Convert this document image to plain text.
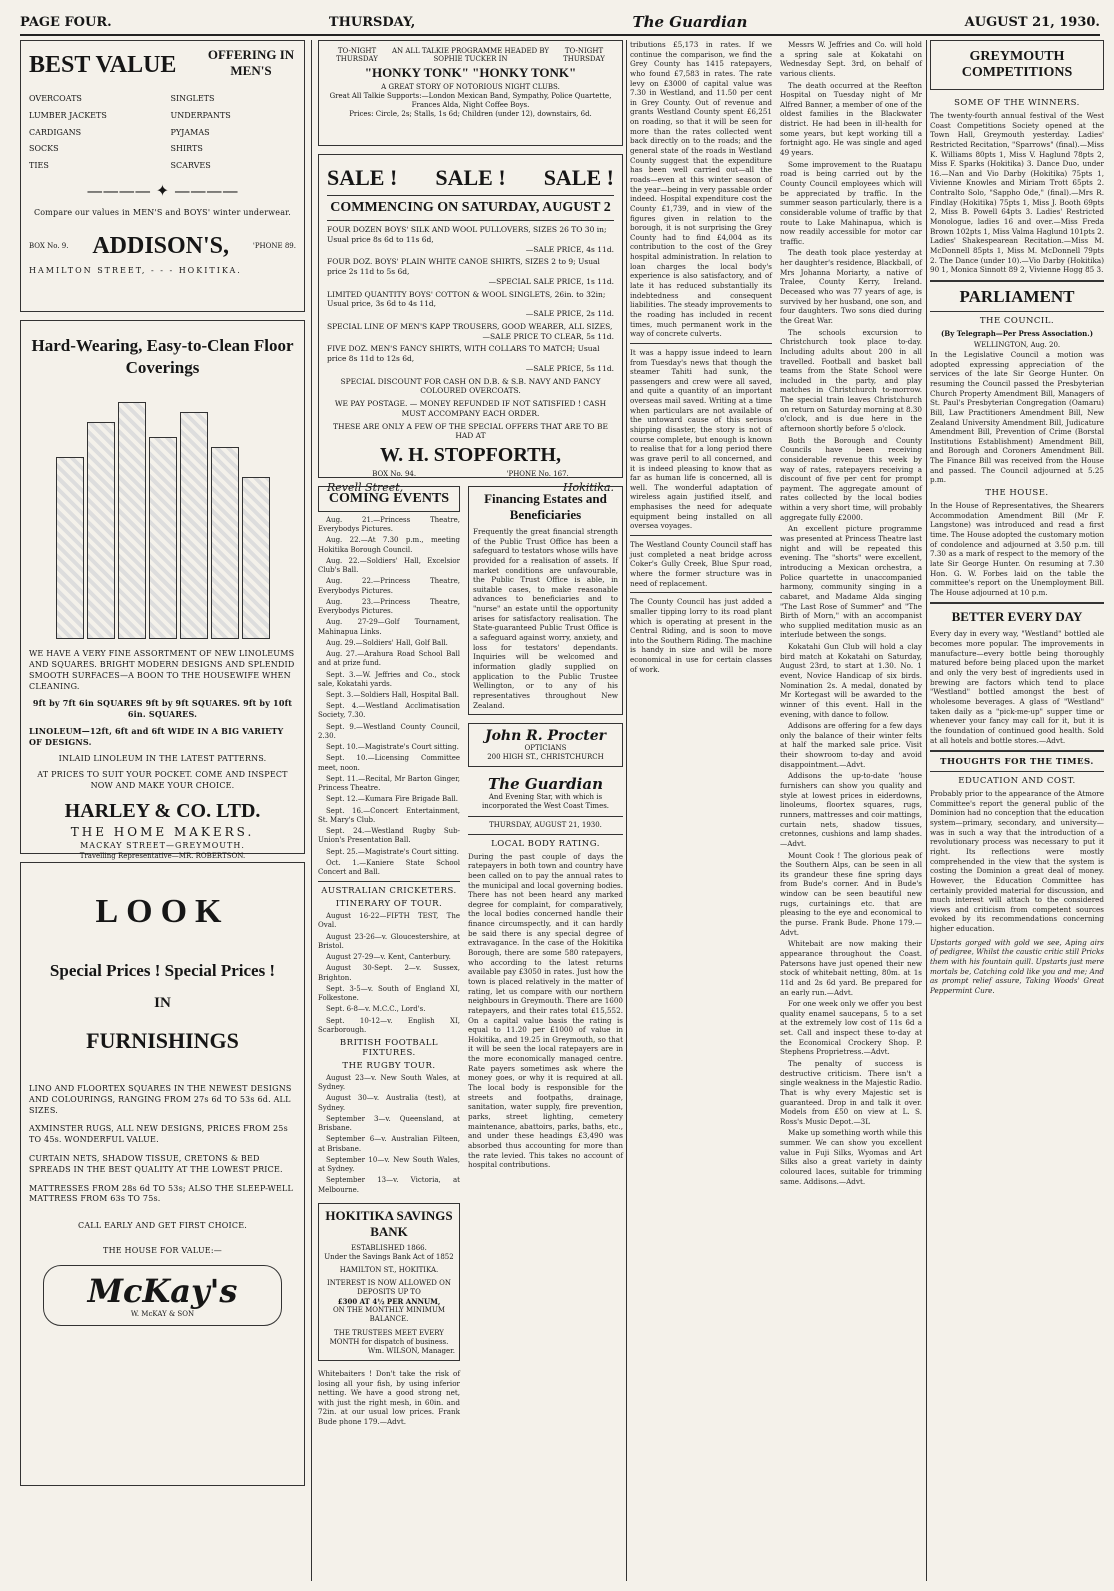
PAGE FOUR.	THURSDAY,	The Guardian	AUGUST 21, 1930.
BEST VALUE OFFERING IN MEN'S
OVERCOATS
LUMBER JACKETS
CARDIGANS
SOCKS
TIES
SINGLETS
UNDERPANTS
PYJAMAS
SHIRTS
SCARVES
———— ✦ ————
Compare our values in MEN'S and BOYS' winter underwear.
BOX No. 9. ADDISON'S,	'PHONE 89.
HAMILTON STREET, - - - HOKITIKA.
Hard-Wearing, Easy-to-Clean Floor Coverings
WE HAVE A VERY FINE ASSORTMENT OF NEW LINOLEUMS AND SQUARES. BRIGHT MODERN DESIGNS AND SPLENDID SMOOTH SURFACES—A BOON TO THE HOUSEWIFE WHEN CLEANING.
9ft by 7ft 6in SQUARES 9ft by 9ft SQUARES. 9ft by 10ft 6in. SQUARES.
LINOLEUM—12ft, 6ft and 6ft WIDE IN A BIG VARIETY OF DESIGNS.
INLAID LINOLEUM IN THE LATEST PATTERNS.
AT PRICES TO SUIT YOUR POCKET. COME AND INSPECT NOW AND MAKE YOUR CHOICE.
HARLEY & CO. LTD.
THE HOME MAKERS.
MACKAY STREET—GREYMOUTH.
Travelling Representative—MR. ROBERTSON.
LOOK
Special Prices ! Special Prices !
IN
FURNISHINGS
LINO AND FLOORTEX SQUARES IN THE NEWEST DESIGNS AND COLOURINGS, RANGING FROM 27s 6d TO 53s 6d. ALL SIZES.
AXMINSTER RUGS, ALL NEW DESIGNS, PRICES FROM 25s TO 45s. WONDERFUL VALUE.
CURTAIN NETS, SHADOW TISSUE, CRETONS & BED SPREADS IN THE BEST QUALITY AT THE LOWEST PRICE.
MATTRESSES FROM 28s 6d TO 53s; ALSO THE SLEEP-WELL MATTRESS FROM 63s TO 75s.
CALL EARLY AND GET FIRST CHOICE.
THE HOUSE FOR VALUE:—
McKay's
W. McKAY & SON
TO-NIGHT THURSDAY
AN ALL TALKIE PROGRAMME HEADED BY SOPHIE TUCKER IN
TO-NIGHT THURSDAY
"HONKY TONK" "HONKY TONK"
A GREAT STORY OF NOTORIOUS NIGHT CLUBS.
Great All Talkie Supports:—London Mexican Band, Sympathy, Police Quartette, Frances Alda, Night Coffee Boys.
Prices: Circle, 2s; Stalls, 1s 6d; Children (under 12), downstairs, 6d.
SALE ! SALE ! SALE !
COMMENCING ON SATURDAY, AUGUST 2
FOUR DOZEN BOYS' SILK AND WOOL PULLOVERS, SIZES 26 TO 30 in; Usual price 8s 6d to 11s 6d,
—SALE PRICE, 4s 11d.
FOUR DOZ. BOYS' PLAIN WHITE CANOE SHIRTS, SIZES 2 to 9; Usual price 2s 11d to 5s 6d,
—SPECIAL SALE PRICE, 1s 11d.
LIMITED QUANTITY BOYS' COTTON & WOOL SINGLETS, 26in. to 32in; Usual price, 3s 6d to 4s 11d,
—SALE PRICE, 2s 11d.
SPECIAL LINE OF MEN'S KAPP TROUSERS, GOOD WEARER, ALL SIZES,
—SALE PRICE TO CLEAR, 5s 11d.
FIVE DOZ. MEN'S FANCY SHIRTS, WITH COLLARS TO MATCH; Usual price 8s 11d to 12s 6d,
—SALE PRICE, 5s 11d.
SPECIAL DISCOUNT FOR CASH ON D.B. & S.B. NAVY AND FANCY COLOURED OVERCOATS.
WE PAY POSTAGE. — MONEY REFUNDED IF NOT SATISFIED ! CASH MUST ACCOMPANY EACH ORDER.
THESE ARE ONLY A FEW OF THE SPECIAL OFFERS THAT ARE TO BE HAD AT
W. H. STOPFORTH,
BOX No. 94.	'PHONE No. 167.
Revell Street,	Hokitika.
COMING EVENTS

Aug. 21.—Princess Theatre, Everybodys Pictures.

Aug. 22.—At 7.30 p.m., meeting Hokitika Borough Council.

Aug. 22.—Soldiers' Hall, Excelsior Club's Ball.

Aug. 22.—Princess Theatre, Everybodys Pictures.

Aug. 23.—Princess Theatre, Everybodys Pictures.

Aug. 27-29—Golf Tournament, Mahinapua Links.

Aug. 29.—Soldiers' Hall, Golf Ball.

Aug. 27.—Arahura Road School Ball and at prize fund.

Sept. 3.—W. Jeffries and Co., stock sale, Kokatahi yards.

Sept. 3.—Soldiers Hall, Hospital Ball.

Sept. 4.—Westland Acclimatisation Society, 7.30.

Sept. 9.—Westland County Council, 2.30.

Sept. 10.—Magistrate's Court sitting.

Sept. 10.—Licensing Committee meet, noon.

Sept. 11.—Recital, Mr Barton Ginger, Princess Theatre.

Sept. 12.—Kumara Fire Brigade Ball.

Sept. 16.—Concert Entertainment, St. Mary's Club.

Sept. 24.—Westland Rugby Sub-Union's Presentation Ball.

Sept. 25.—Magistrate's Court sitting.

Oct. 1.—Kaniere State School Concert and Ball.

AUSTRALIAN CRICKETERS.
ITINERARY OF TOUR.

August 16-22—FIFTH TEST, The Oval.

August 23-26—v. Gloucestershire, at Bristol.

August 27-29—v. Kent, Canterbury.

August 30-Sept. 2—v. Sussex, Brighton.

Sept. 3-5—v. South of England XI, Folkestone.

Sept. 6-8—v. M.C.C., Lord's.

Sept. 10-12—v. English XI, Scarborough.

BRITISH FOOTBALL FIXTURES.
THE RUGBY TOUR.

August 23—v. New South Wales, at Sydney.

August 30—v. Australia (test), at Sydney.

September 3—v. Queensland, at Brisbane.

September 6—v. Australian Filteen, at Brisbane.

September 10—v. New South Wales, at Sydney.

September 13—v. Victoria, at Melbourne.

HOKITIKA SAVINGS BANK
ESTABLISHED 1866.
Under the Savings Bank Act of 1852
HAMILTON ST., HOKITIKA.
INTEREST IS NOW ALLOWED ON DEPOSITS UP TO
£300 AT 4½ PER ANNUM,
ON THE MONTHLY MINIMUM BALANCE.
THE TRUSTEES MEET EVERY MONTH for dispatch of business.
Wm. WILSON, Manager.
Whitebaiters ! Don't take the risk of losing all your fish, by using inferior netting. We have a good strong net, with just the right mesh, in 60in. and 72in. at our usual low prices. Frank Bude phone 179.—Advt.
Financing Estates and Beneficiaries
Frequently the great financial strength of the Public Trust Office has been a safeguard to testators whose wills have provided for a realisation of assets. If market conditions are unfavourable, the Public Trust Office is able, in suitable cases, to make reasonable advances to beneficiaries and to "nurse" an estate until the opportunity arises for satisfactory realisation. The State-guaranteed Public Trust Office is a safeguard against worry, anxiety, and loss for testators' dependants. Inquiries will be welcomed and information gladly supplied on application to the Public Trustee Wellington, or to any of his representatives throughout New Zealand.
John R. Procter
OPTICIANS
200 HIGH ST., CHRISTCHURCH
The Guardian
And Evening Star, with which is incorporated the West Coast Times.
THURSDAY, AUGUST 21, 1930.
LOCAL BODY RATING.
During the past couple of days the ratepayers in both town and country have been called on to pay the annual rates to the municipal and local governing bodies. There has not been heard any marked degree for complaint, for comparatively, the local bodies concerned handle their finance circumspectly, and it can hardly be said there is any special degree of extravagance. In the case of the Hokitika Borough, there are some 580 ratepayers, who according to the latest returns available pay £3050 in rates. Just how the town is placed relatively in the matter of rating, let us compare with our northern neighbours in Greymouth. There are 1600 ratepayers, and their rates total £15,552. On a capital value basis the rating is equal to 11.20 per £1000 of value in Hokitika, and 19.25 in Greymouth, so that it will be seen the local ratepayers are in the more economically managed centre. Rate payers sometimes ask where the money goes, or why it is required at all. The local body is responsible for the streets and footpaths, drainage, sanitation, water supply, fire prevention, parks, street lighting, cemetery maintenance, abattoirs, parks, baths, etc., and under these headings £3,490 was absorbed thus accounting for more than the rate levied. This takes no account of hospital contributions.
tributions £5,173 in rates. If we continue the comparison, we find the Grey County has 1415 ratepayers, who found £7,583 in rates. The rate levy on £3000 of capital value was 7.30 in Westland, and 11.50 per cent in Grey County. Out of revenue and grants Westland County spent £6,251 on roading, so that it will be seen for more than the rates collected went back directly on to the roads; and the general state of the roads in Westland County suggest that the expenditure has been well carried out—all the roads—even at this winter season of the year—being in very passable order indeed. Hospital expenditure cost the County £1,739, and in view of the figures given in relation to the borough, it is not surprising the Grey County had to find £4,004 as its contribution to the cost of the Grey hospital administration. In relation to loan charges the local body's experience is also satisfactory, and of late it has reduced substantially its indebtedness and consequent liabilities. The steady improvements to the roading has included in recent times, much permanent work in the way of concrete culverts.
It was a happy issue indeed to learn from Tuesday's news that though the steamer Tahiti had sunk, the passengers and crew were all saved, and quite a quantity of an important overseas mail saved. Writing at a time when particulars are not available of the untoward cause of this serious shipping disaster, the story is not of course complete, but enough is known to realise that for a long period there was grave peril to all concerned, and it is indeed pleasing to know that as far as human life is concerned, all is well. The wonderful adaptation of wireless again justified itself, and emphasises the need for adequate equipment being installed on all oversea voyages.
The Westland County Council staff has just completed a neat bridge across Coker's Gully Creek, Blue Spur road, where the former structure was in need of replacement.
The County Council has just added a smaller tipping lorry to its road plant which is operating at present in the Central Riding, and is soon to move into the Southern Riding. The machine is handy in size and will be more economical in use for certain classes of work.

Messrs W. Jeffries and Co. will hold a spring sale at Kokatahi on Wednesday Sept. 3rd, on behalf of various clients.

The death occurred at the Reefton Hospital on Tuesday night of Mr Alfred Banner, a member of one of the oldest families in the Blackwater district. He had been in ill-health for some years, but kept working till a fortnight ago. He was single and aged 49 years.

Some improvement to the Ruatapu road is being carried out by the County Council employees which will be appreciated by traffic. In the summer season particularly, there is a considerable volume of traffic by that route to Lake Mahinapua, which is now readily accessible for motor car traffic.

The death took place yesterday at her daughter's residence, Blackball, of Mrs Johanna Moriarty, a native of Tralee, County Kerry, Ireland. Deceased who was 77 years of age, is survived by her husband, one son, and four daughters. Two sons died during the Great War.

The schools excursion to Christchurch took place to-day. Including adults about 200 in all travelled. Football and basket ball teams from the State School were included in the party, and play matches in Christchurch to-morrow. The special train leaves Christchurch on return on Saturday morning at 8.30 o'clock, and is due here in the afternoon shortly before 5 o'clock.

Both the Borough and County Councils have been receiving considerable revenue this week by way of rates, ratepayers receiving a discount of five per cent for prompt payment. The aggregate amount of rates collected by the local bodies within a very short time, will probably aggregate fully £2000.

An excellent picture programme was presented at Princess Theatre last night and will be repeated this evening. The "shorts" were excellent, introducing a Mexican orchestra, a Police quartette in unaccompanied harmony, community singing in a cabaret, and Madame Alda singing "The Last Rose of Summer" and "The Birth of Morn," with an accompanist who supplied meditation music as an interlude between the songs.

Kokatahi Gun Club will hold a clay bird match at Kokatahi on Saturday, August 23rd, to start at 1.30. No. 1 event, Novice Handicap of six birds. Nomination 2s. A medal, donated by Mr Kortegast will be awarded to the winner of this event. Hall in the evening, with dance to follow.

Addisons are offering for a few days only the balance of their winter felts at half the marked sale price. Visit their showroom to-day and avoid disappointment.—Advt.

Addisons the up-to-date 'house furnishers can show you quality and style at lowest prices in eiderdowns, linoleums, floortex squares, rugs, runners, mattresses and coir mattings, curtain nets, shadow tissues, cretonnes, cushions and lamp shades.—Advt.

Mount Cook ! The glorious peak of the Southern Alps, can be seen in all its grandeur these fine spring days from Bude's corner. And in Bude's window can be seen beautiful new rugs, curtainings etc. that are pleasing to the eye and economical to the purse. Frank Bude. Phone 179.—Advt.

Whitebait are now making their appearance throughout the Coast. Patersons have just opened their new stock of whitebait netting, 80m. at 1s 11d and 2s 6d yard. Be prepared for an early run.—Advt.

For one week only we offer you best quality enamel saucepans, 5 to a set at the extremely low cost of 11s 6d a set. Call and inspect these to-day at the Economical Crockery Shop. P. Stephens Proprietress.—Advt.

The penalty of success is destructive criticism. There isn't a single weakness in the Majestic Radio. That is why every Majestic set is guaranteed. Drop in and talk it over. Models from £50 on view at L. S. Ross's Music Depot.—3L

Make up something worth while this summer. We can show you excellent value in Fuji Silks, Wyomas and Art Silks also a great variety in dainty coloured laces, suitable for trimming same. Addisons.—Advt.

GREYMOUTH COMPETITIONS
SOME OF THE WINNERS.
The twenty-fourth annual festival of the West Coast Competitions Society opened at the Town Hall, Greymouth yesterday. Ladies' Restricted Recitation, "Sparrows" (final).—Miss K. Williams 80pts 1, Miss V. Haglund 78pts 2, Miss F. Sparks (Hokitika) 3. Dance Duo, under 16.—Nan and Vio Darby (Hokitika) 75pts 1, Vivienne Knowles and Miriam Trott 65pts 2. Contralto Solo, "Sappho Ode," (final).—Mrs R. Findlay (Hokitika) 75pts 1, Miss J. Booth 69pts 2, Miss B. Powell 64pts 3. Ladies' Restricted Monologue, ladies 16 and over.—Miss Freda Brown 102pts 1, Miss Valma Haglund 101pts 2. Ladies' Shakespearean Recitation.—Miss M. McDonnell 85pts 1, Miss M. McDonnell 79pts 2. The Dance (under 10).—Vio Darby (Hokitika) 90 1, Monica Sinnott 89 2, Vivienne Hogg 85 3.
PARLIAMENT
THE COUNCIL.
(By Telegraph—Per Press Association.)
WELLINGTON, Aug. 20.
In the Legislative Council a motion was adopted expressing appreciation of the services of the late Sir George Hunter. On resuming the Council passed the Presbyterian Church Property Amendment Bill, Managers of St. Paul's Presbyterian Congregation (Oamaru) Bill, Law Practitioners Amendment Bill, New Zealand University Amendment Bill, Judicature Amendment Bill, Prevention of Crime (Borstal Institutions Establishment) Amendment Bill, and Borough and Coroners Amendment Bill. The Finance Bill was received from the House and passed. The Council adjourned at 5.25 p.m.
THE HOUSE.
In the House of Representatives, the Shearers Accommodation Amendment Bill (Mr F. Langstone) was introduced and read a first time. The House adopted the customary motion of condolence and adjourned at 3.50 p.m. till 7.30 as a mark of respect to the memory of the late Sir George Hunter. On resuming at 7.30 Hon. G. W. Forbes laid on the table the committee's report on the Unemployment Bill. The House adjourned at 10 p.m.
BETTER EVERY DAY
Every day in every way, "Westland" bottled ale becomes more popular. The improvements in manufacture—every bottle being thoroughly matured before being placed upon the market and only the very best of ingredients used in brewing are factors which tend to place "Westland" bottled amongst the best of wholesome beverages. A glass of "Westland" taken daily as a "pick-me-up" supper time or whenever your fancy may call for it, but it is the foundation of continued good health. Sold at all hotels and bottle stores.—Advt.
THOUGHTS FOR THE TIMES.
EDUCATION AND COST.
Probably prior to the appearance of the Atmore Committee's report the general public of the Dominion had no conception that the education system—primary, secondary, and university—was in such a way that the introduction of a revolutionary process was necessary to put it right. Its reflections were mostly comprehended in the view that the system is costing the Dominion a great deal of money. However, the Education Committee has certainly provided material for discussion, and much interest will attach to the considered views and criticism from competent sources evoked by its recommendations concerning higher education.
Upstarts gorged with gold we see, Aping airs of pedigree, Whilst the caustic critic still Pricks them with his fountain quill. Upstarts just mere mortals be, Catching cold like you and me; And as prompt relief assure, Taking Woods' Great Peppermint Cure.
